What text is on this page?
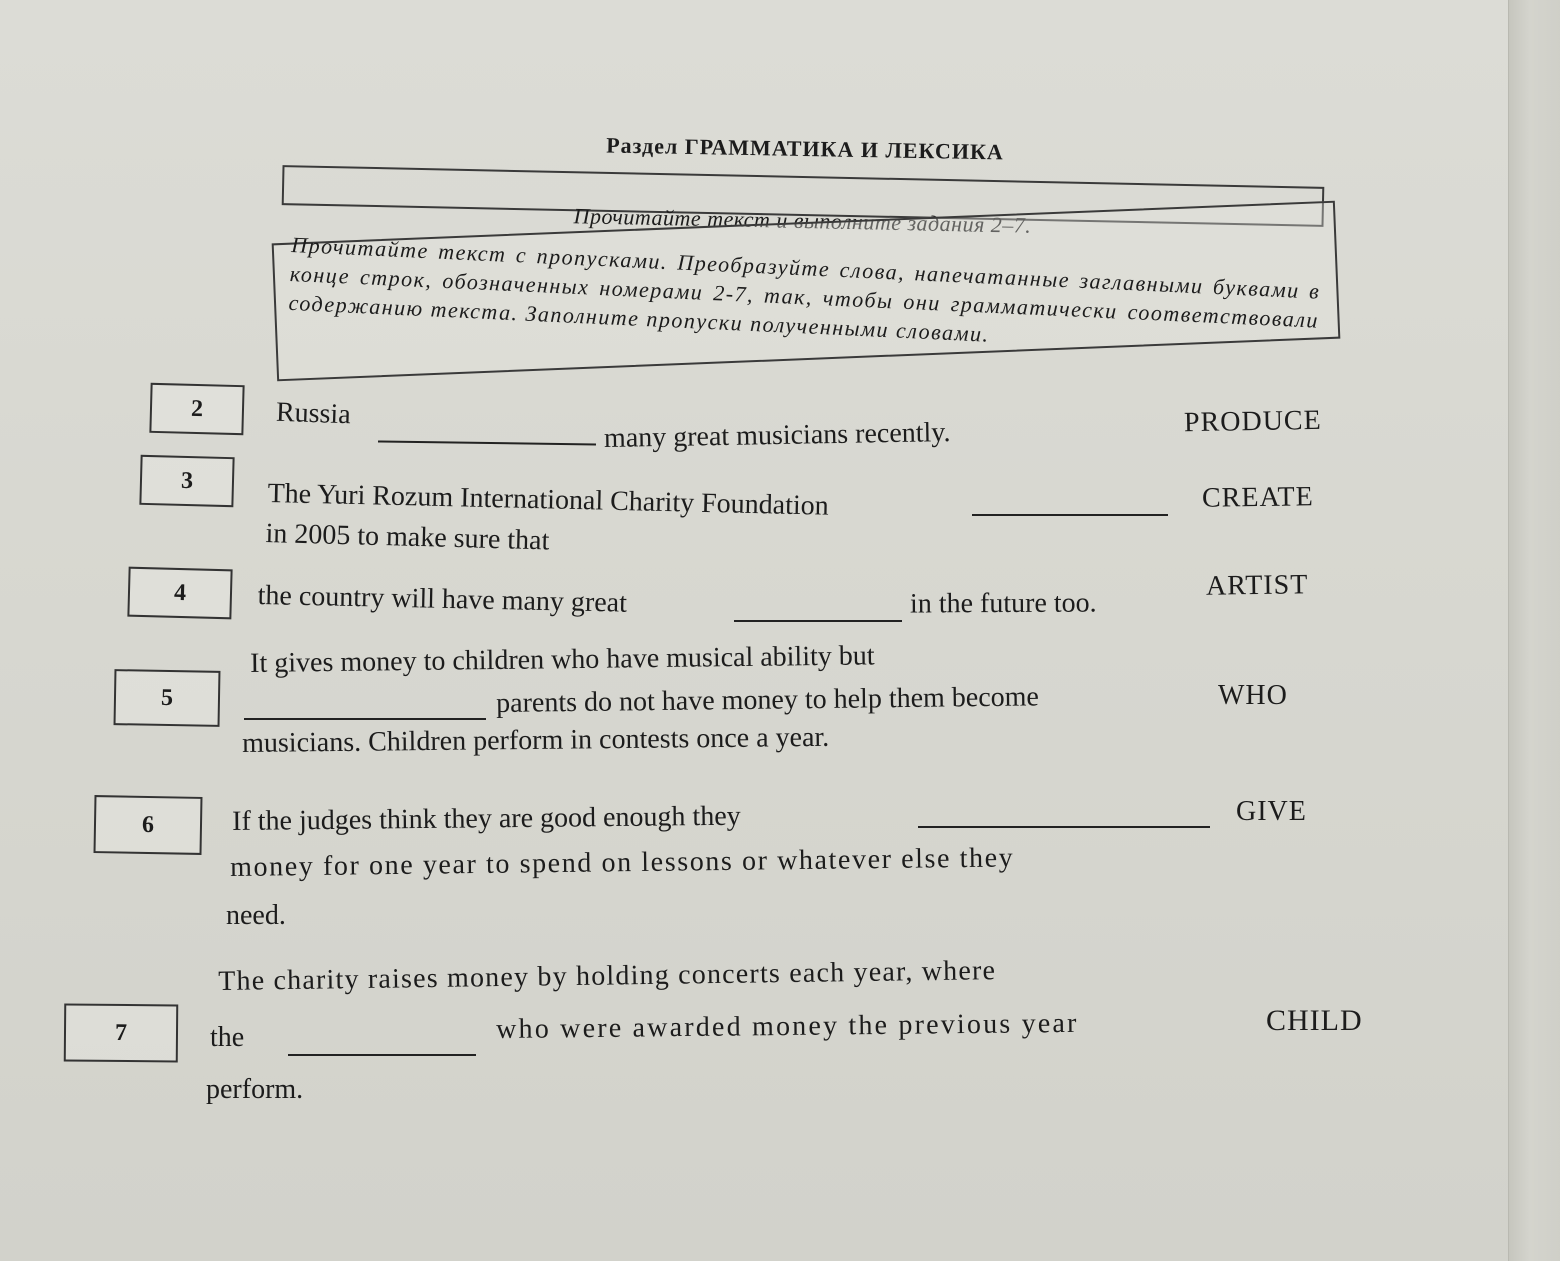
Раздел ГРАММАТИКА И ЛЕКСИКА
Прочитайте текст и выполните задания 2–7.
Прочитайте текст с пропусками. Преобразуйте слова, напечатанные заглавными буквами в конце строк, обозначенных номерами 2-7, так, чтобы они грамматически соответствовали содержанию текста. Заполните пропуски полученными словами.
2	Russia
many great musicians recently.	PRODUCE
3	The Yuri Rozum International Charity Foundation
in 2005 to make sure that
CREATE
4	the country will have many great	in the future too.
ARTIST
5
It gives money to children who have musical ability but
parents do not have money to help them become
musicians. Children perform in contests once a year.
WHO
6	If the judges think they are good enough they
money for one year to spend on lessons or whatever else they
need.
GIVE
7
The charity raises money by holding concerts each year, where
the	who were awarded money the previous year
perform.
CHILD
